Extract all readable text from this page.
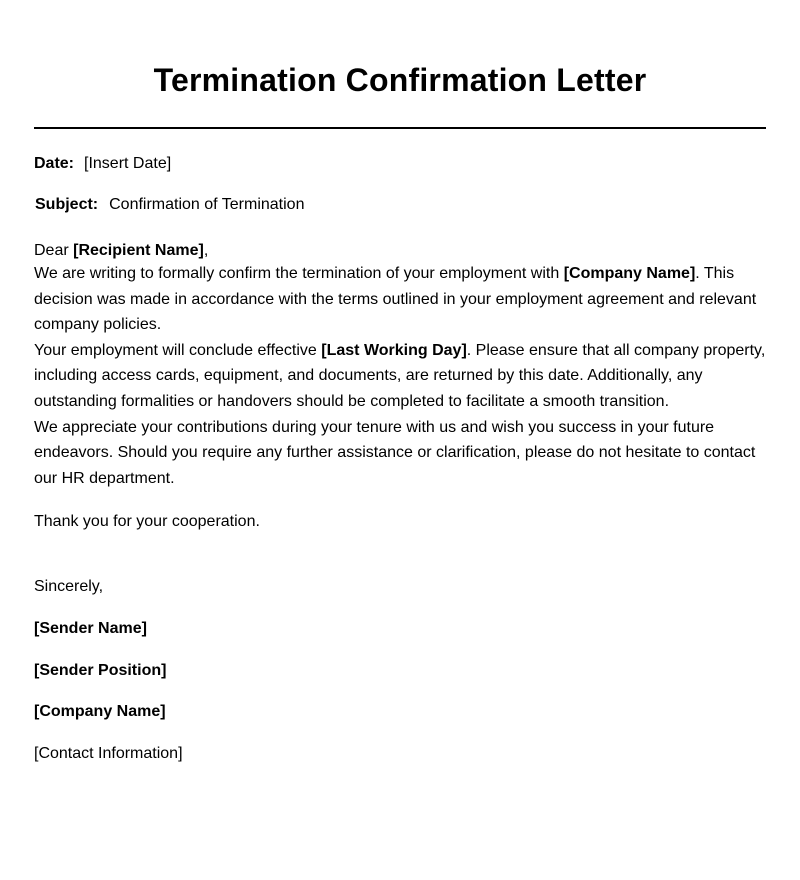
Termination Confirmation Letter
Date: [Insert Date]
Subject: Confirmation of Termination
Dear [Recipient Name],

We are writing to formally confirm the termination of your employment with [Company Name]. This decision was made in accordance with the terms outlined in your employment agreement and relevant company policies.

Your employment will conclude effective [Last Working Day]. Please ensure that all company property, including access cards, equipment, and documents, are returned by this date. Additionally, any outstanding formalities or handovers should be completed to facilitate a smooth transition.

We appreciate your contributions during your tenure with us and wish you success in your future endeavors. Should you require any further assistance or clarification, please do not hesitate to contact our HR department.

Thank you for your cooperation.
Sincerely,
[Sender Name]
[Sender Position]
[Company Name]
[Contact Information]
